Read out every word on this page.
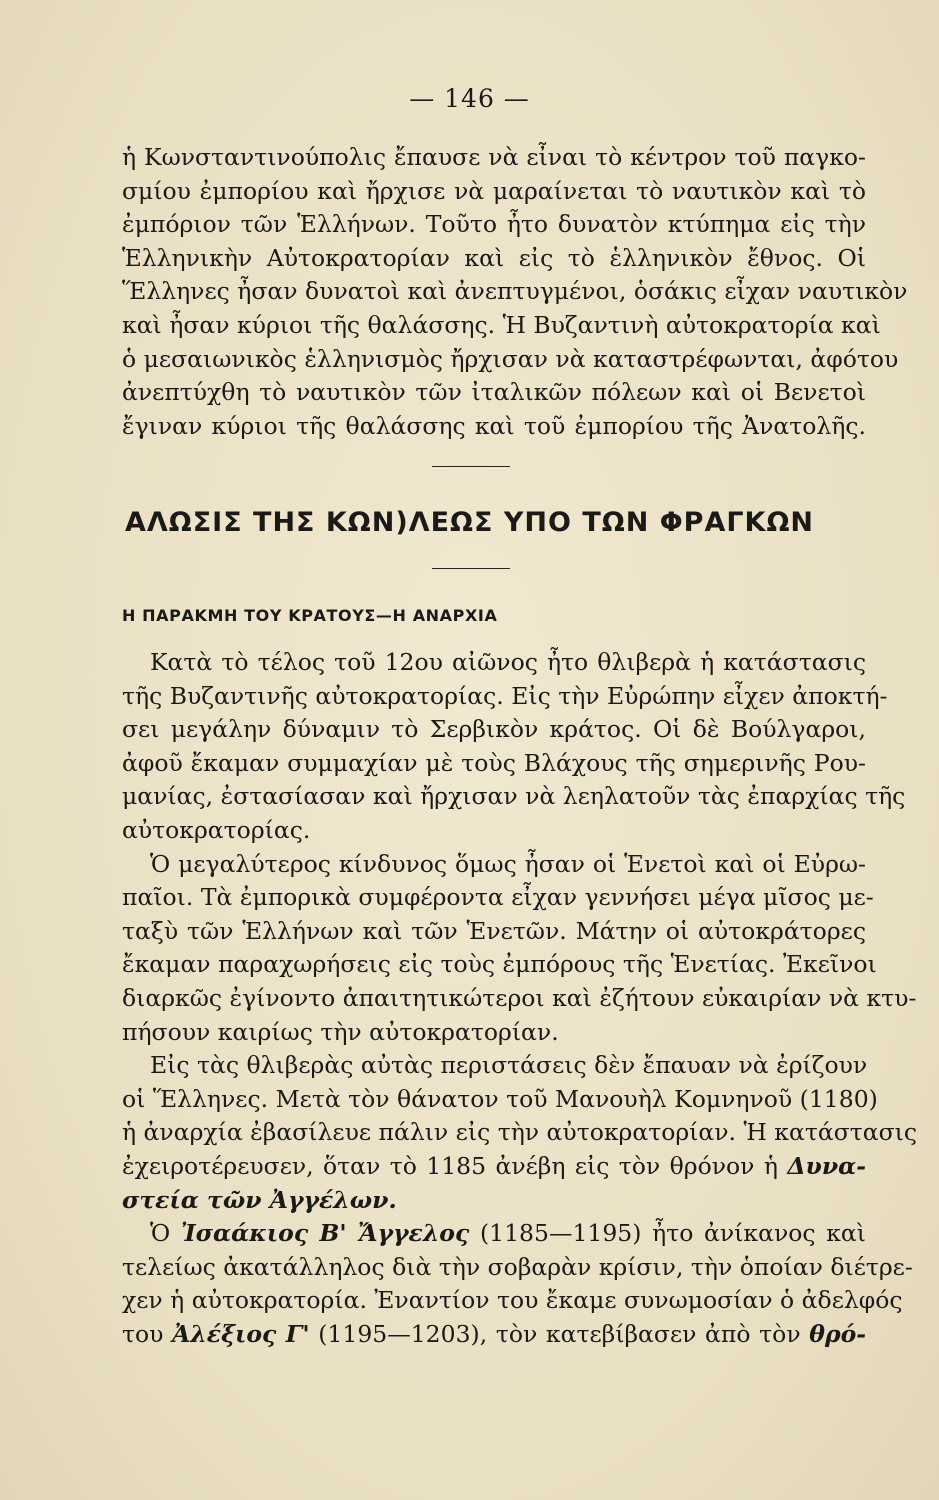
— 146 —
ἡ Κωνσταντινούπολις ἔπαυσε νὰ εἶναι τὸ κέντρον τοῦ παγκο-
σμίου ἐμπορίου καὶ ἤρχισε νὰ μαραίνεται τὸ ναυτικὸν καὶ τὸ
ἐμπόριον τῶν Ἑλλήνων. Τοῦτο ἦτο δυνατὸν κτύπημα εἰς τὴν
Ἑλληνικὴν Αὐτοκρατορίαν καὶ εἰς τὸ ἑλληνικὸν ἔθνος. Οἱ
Ἕλληνες ἦσαν δυνατοὶ καὶ ἀνεπτυγμένοι, ὁσάκις εἶχαν ναυτικὸν
καὶ ἦσαν κύριοι τῆς θαλάσσης. Ἡ Βυζαντινὴ αὐτοκρατορία καὶ
ὁ μεσαιωνικὸς ἑλληνισμὸς ἤρχισαν νὰ καταστρέφωνται, ἀφότου
ἀνεπτύχθη τὸ ναυτικὸν τῶν ἰταλικῶν πόλεων καὶ οἱ Βενετοὶ
ἔγιναν κύριοι τῆς θαλάσσης καὶ τοῦ ἐμπορίου τῆς Ἀνατολῆς.
ΑΛΩΣΙΣ ΤΗΣ ΚΩΝ)ΛΕΩΣ ΥΠΟ ΤΩΝ ΦΡΑΓΚΩΝ
Η ΠΑΡΑΚΜΗ ΤΟΥ ΚΡΑΤΟΥΣ—Η ΑΝΑΡΧΙΑ
Κατὰ τὸ τέλος τοῦ 12ου αἰῶνος ἦτο θλιβερὰ ἡ κατάστασις
τῆς Βυζαντινῆς αὐτοκρατορίας. Εἰς τὴν Εὐρώπην εἶχεν ἀποκτή-
σει μεγάλην δύναμιν τὸ Σερβικὸν κράτος. Οἱ δὲ Βούλγαροι,
ἀφοῦ ἔκαμαν συμμαχίαν μὲ τοὺς Βλάχους τῆς σημερινῆς Ρου-
μανίας, ἐστασίασαν καὶ ἤρχισαν νὰ λεηλατοῦν τὰς ἐπαρχίας τῆς
αὐτοκρατορίας.
Ὁ μεγαλύτερος κίνδυνος ὅμως ἦσαν οἱ Ἑνετοὶ καὶ οἱ Εὐρω-
παῖοι. Τὰ ἐμπορικὰ συμφέροντα εἶχαν γεννήσει μέγα μῖσος με-
ταξὺ τῶν Ἑλλήνων καὶ τῶν Ἑνετῶν. Μάτην οἱ αὐτοκράτορες
ἔκαμαν παραχωρήσεις εἰς τοὺς ἐμπόρους τῆς Ἑνετίας. Ἐκεῖνοι
διαρκῶς ἐγίνοντο ἀπαιτητικώτεροι καὶ ἐζήτουν εὐκαιρίαν νὰ κτυ-
πήσουν καιρίως τὴν αὐτοκρατορίαν.
Εἰς τὰς θλιβερὰς αὐτὰς περιστάσεις δὲν ἔπαυαν νὰ ἐρίζουν
οἱ Ἕλληνες. Μετὰ τὸν θάνατον τοῦ Μανουὴλ Κομνηνοῦ (1180)
ἡ ἀναρχία ἐβασίλευε πάλιν εἰς τὴν αὐτοκρατορίαν. Ἡ κατάστασις
ἐχειροτέρευσεν, ὅταν τὸ 1185 ἀνέβη εἰς τὸν θρόνον ἡ Δυνα-
στεία τῶν Ἀγγέλων.
Ὁ Ἰσαάκιος Β' Ἄγγελος (1185—1195) ἦτο ἀνίκανος καὶ
τελείως ἀκατάλληλος διὰ τὴν σοβαρὰν κρίσιν, τὴν ὁποίαν διέτρε-
χεν ἡ αὐτοκρατορία. Ἐναντίον του ἔκαμε συνωμοσίαν ὁ ἀδελφός
του Ἀλέξιος Γ' (1195—1203), τὸν κατεβίβασεν ἀπὸ τὸν θρό-
